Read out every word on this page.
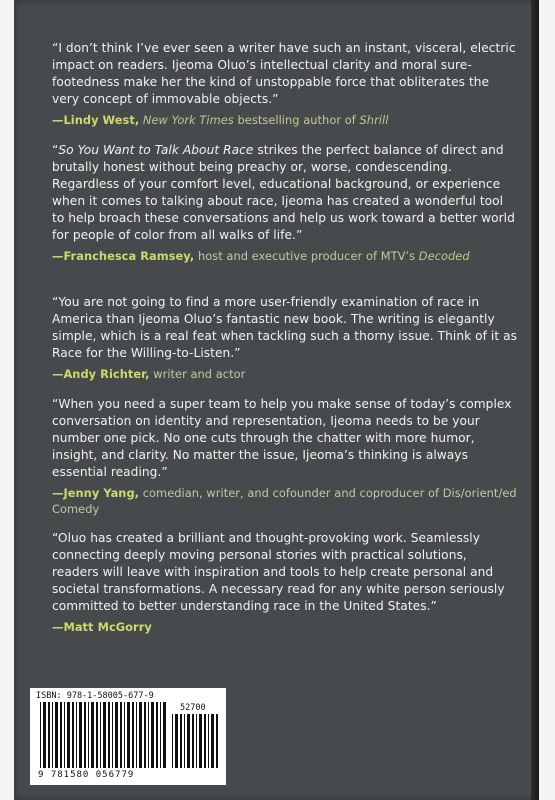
“I don’t think I’ve ever seen a writer have such an instant, visceral, electric impact on readers. Ijeoma Oluo’s intellectual clarity and moral sure-footedness make her the kind of unstoppable force that obliterates the very concept of immovable objects.”

—Lindy West, New York Times bestselling author of Shrill

“So You Want to Talk About Race strikes the perfect balance of direct and brutally honest without being preachy or, worse, condescending. Regardless of your comfort level, educational background, or experience when it comes to talking about race, Ijeoma has created a wonderful tool to help broach these conversations and help us work toward a better world for people of color from all walks of life.”

—Franchesca Ramsey, host and executive producer of MTV’s Decoded

“You are not going to find a more user-friendly examination of race in America than Ijeoma Oluo’s fantastic new book. The writing is elegantly simple, which is a real feat when tackling such a thorny issue. Think of it as Race for the Willing-to-Listen.”

—Andy Richter, writer and actor

“When you need a super team to help you make sense of today’s complex conversation on identity and representation, Ijeoma needs to be your number one pick. No one cuts through the chatter with more humor, insight, and clarity. No matter the issue, Ijeoma’s thinking is always essential reading.”

—Jenny Yang, comedian, writer, and cofounder and coproducer of Dis/orient/ed Comedy

“Oluo has created a brilliant and thought-provoking work. Seamlessly connecting deeply moving personal stories with practical solutions, readers will leave with inspiration and tools to help create personal and societal transformations. A necessary read for any white person seriously committed to better understanding race in the United States.”

—Matt McGorry
ISBN: 978-1-58005-677-9
52700
9 781580 056779
